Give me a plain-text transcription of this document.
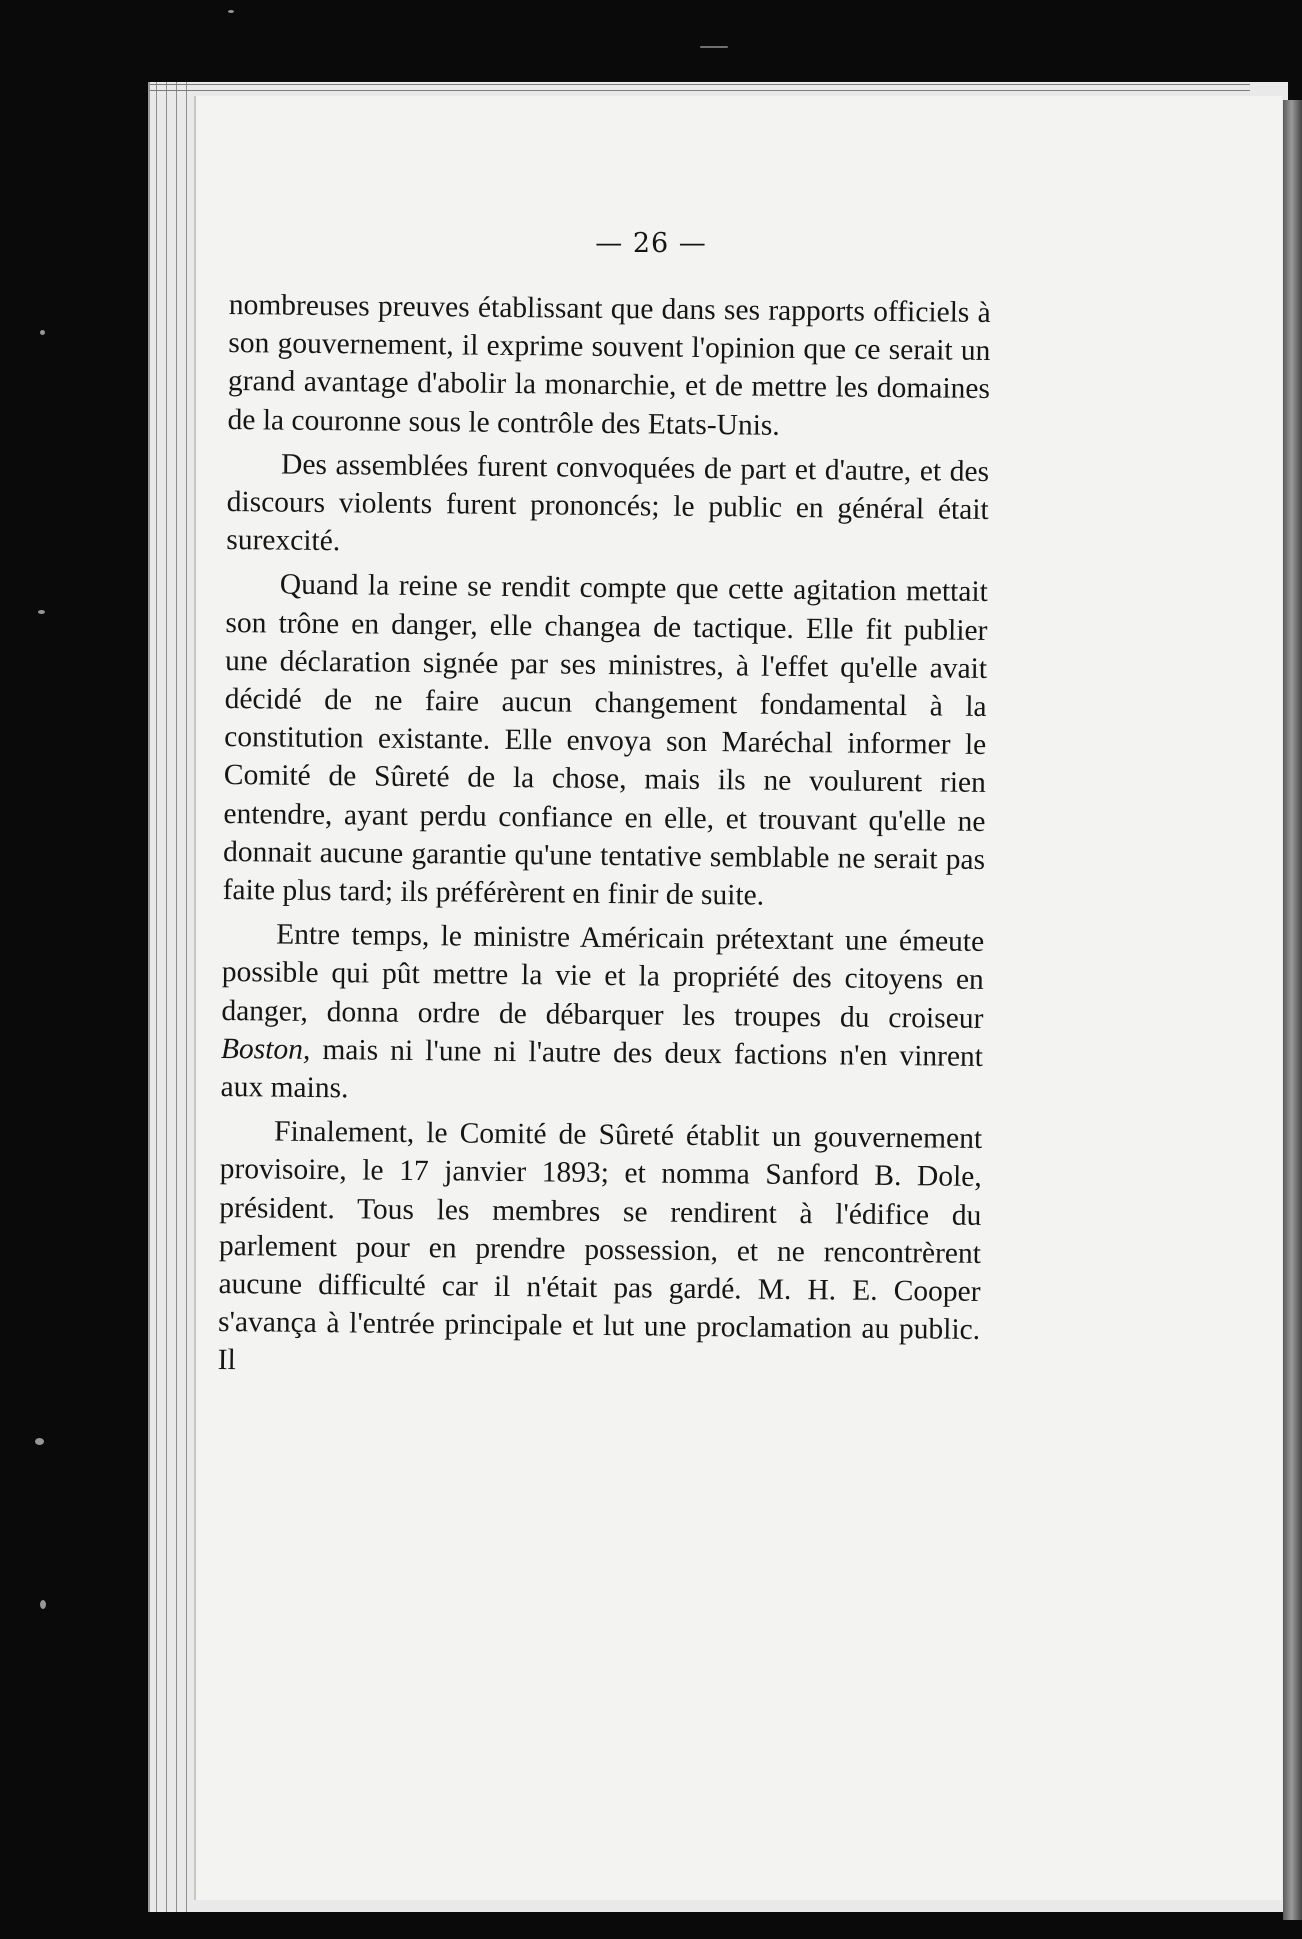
— 26 —

nombreuses preuves établissant que dans ses rapports officiels à son gouvernement, il exprime souvent l'opinion que ce serait un grand avantage d'abolir la monarchie, et de mettre les domaines de la couronne sous le contrôle des Etats-Unis.

Des assemblées furent convoquées de part et d'autre, et des discours violents furent prononcés; le public en général était surexcité.

Quand la reine se rendit compte que cette agitation mettait son trône en danger, elle changea de tactique. Elle fit publier une déclaration signée par ses ministres, à l'effet qu'elle avait décidé de ne faire aucun changement fondamental à la constitution existante. Elle envoya son Maréchal informer le Comité de Sûreté de la chose, mais ils ne voulurent rien entendre, ayant perdu confiance en elle, et trouvant qu'elle ne donnait aucune garantie qu'une tentative semblable ne serait pas faite plus tard; ils préférèrent en finir de suite.

Entre temps, le ministre Américain prétextant une émeute possible qui pût mettre la vie et la propriété des citoyens en danger, donna ordre de débarquer les troupes du croiseur Boston, mais ni l'une ni l'autre des deux factions n'en vinrent aux mains.

Finalement, le Comité de Sûreté établit un gouvernement provisoire, le 17 janvier 1893; et nomma Sanford B. Dole, président. Tous les membres se rendirent à l'édifice du parlement pour en prendre possession, et ne rencontrèrent aucune difficulté car il n'était pas gardé. M. H. E. Cooper s'avança à l'entrée principale et lut une proclamation au public. Il
